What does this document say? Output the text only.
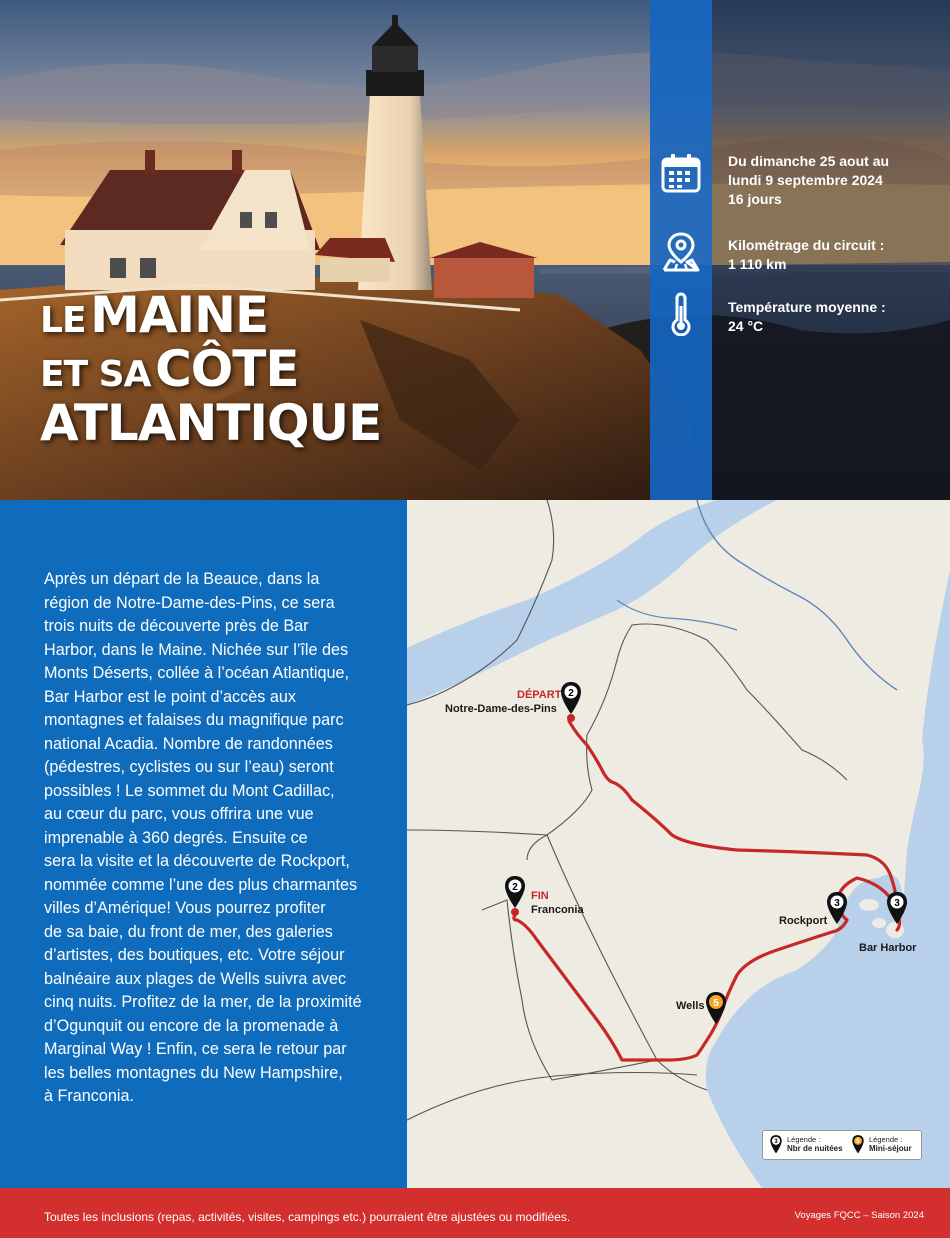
Du dimanche 25 aout au
lundi 9 septembre 2024
16 jours
Kilométrage du circuit :
1 110 km
Température moyenne :
24 °C
LE MAINE
ET SA CÔTE
ATLANTIQUE
Après un départ de la Beauce, dans la
région de Notre-Dame-des-Pins, ce sera
trois nuits de découverte près de Bar
Harbor, dans le Maine. Nichée sur l’île des
Monts Déserts, collée à l’océan Atlantique,
Bar Harbor est le point d’accès aux
montagnes et falaises du magnifique parc
national Acadia. Nombre de randonnées
(pédestres, cyclistes ou sur l’eau) seront
possibles ! Le sommet du Mont Cadillac,
au cœur du parc, vous offrira une vue
imprenable à 360 degrés. Ensuite ce
sera la visite et la découverte de Rockport,
nommée comme l’une des plus charmantes
villes d’Amérique! Vous pourrez profiter
de sa baie, du front de mer, des galeries
d’artistes, des boutiques, etc. Votre séjour
balnéaire aux plages de Wells suivra avec
cinq nuits. Profitez de la mer, de la proximité
d’Ogunquit ou encore de la promenade à
Marginal Way ! Enfin, ce sera le retour par
les belles montagnes du New Hampshire,
à Franconia.
2
DÉPART
Notre-Dame-des-Pins
2
FIN
Franconia
3
Rockport
3
Bar Harbor
5
Wells
3 Légende :
Nbr de nuitées
5 Légende :
Mini-séjour
Toutes les inclusions (repas, activités, visites, campings etc.) pourraient être ajustées ou modifiées.	Voyages FQCC – Saison 2024
